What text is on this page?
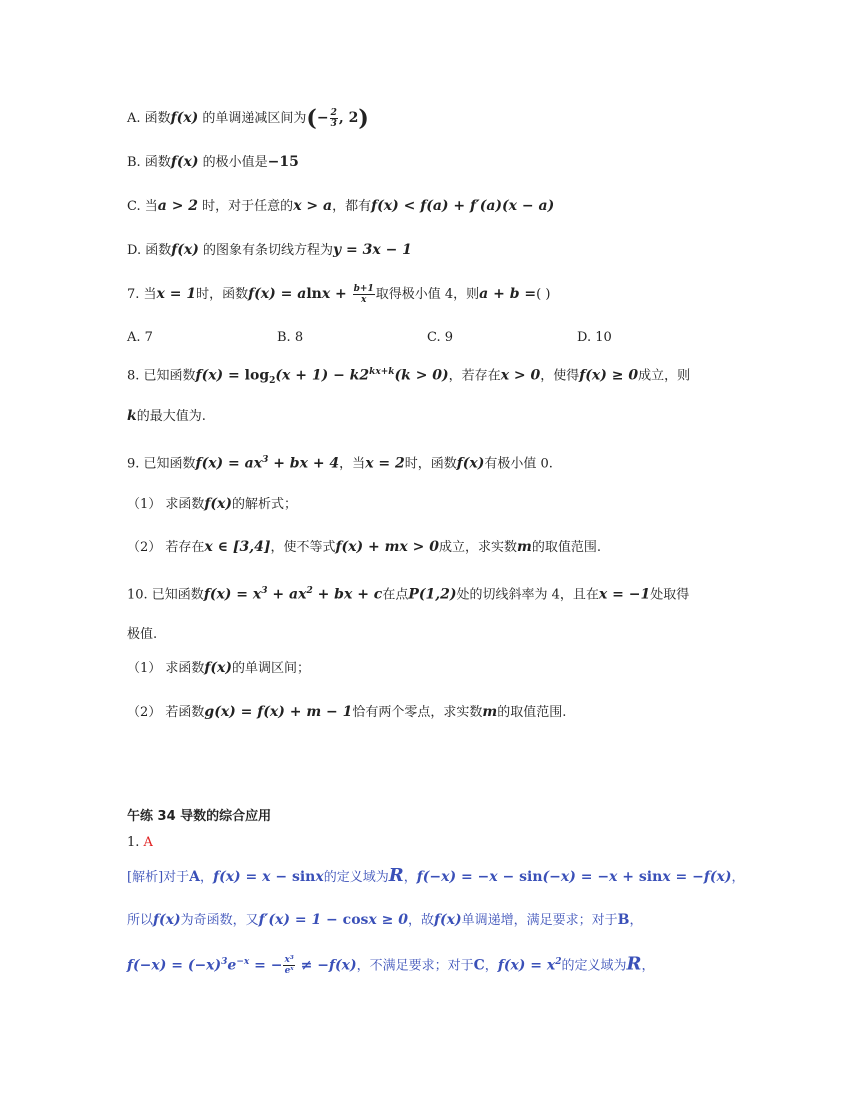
A. 函数f(x) 的单调递减区间为(− $\frac{2}{3}$ , 2)
B. 函数f(x) 的极小值是−15
C. 当a > 2 时，对于任意的x > a，都有f(x) < f(a) + f′(a)(x − a)
D. 函数f(x) 的图象有条切线方程为y = 3x − 1
7. 当x = 1时，函数$f(x) = alnx + \frac{b+1}{x}$ 取得极小值 4，则a + b =( )
A. 7	B. 8	C. 9	D. 10
8. 已知函数$f(x) = \log_2(x + 1) - k2^{kx+k}(k > 0)$，若存在x > 0，使得f(x) ≥ 0成立，则
k的最大值为.
9. 已知函数$f(x) = ax^3$ + bx + 4，当x = 2时，函数f(x)有极小值 0.
（1） 求函数f(x)的解析式；
（2） 若存在x ∈ [3,4]，使不等式f(x) + mx > 0成立，求实数m的取值范围.
10. 已知函数$f(x) = x^3 + ax^2$ + bx + c在点P(1,2)处的切线斜率为 4，且在x = −1处取得
极值.
（1） 求函数f(x)的单调区间；
（2） 若函数g(x) = f(x) + m − 1恰有两个零点，求实数m的取值范围.
午练 34 导数的综合应用
1. A
[解析]对于A，f(x) = x − sinx的定义域为R，f(−x) = −x − sin(−x) = −x + sinx = −f(x)，
所以f(x)为奇函数，又f′(x) = 1 − cosx ≥ 0，故f(x)单调递增，满足要求；对于B，
$f(-x) = (-x)^3e^{-x}$ = − $\frac{\text{x³}}{\text{eˣ}} \ne -f(x)$，不满足要求；对于C，$f(x) = x^2$的定义域为R，
